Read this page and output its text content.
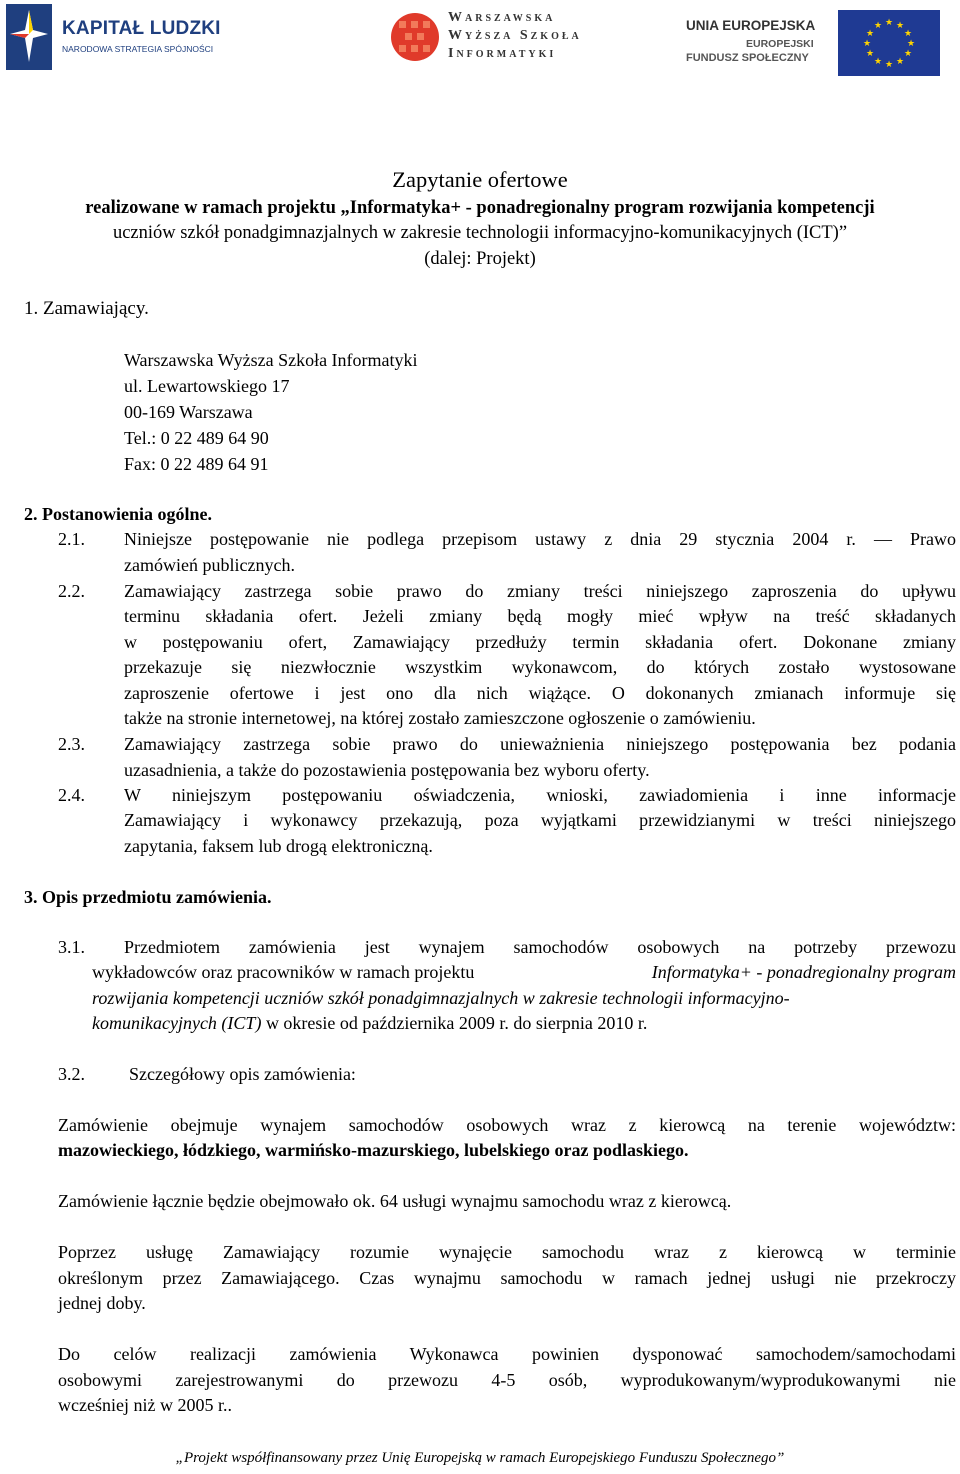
KAPITAŁ LUDZKI
NARODOWA STRATEGIA SPÓJNOŚCI
Warszawska
Wyższa Szkoła
Informatyki
UNIA EUROPEJSKA
EUROPEJSKI
FUNDUSZ SPOŁECZNY
★ ★
★
★
★
★
★
★
★
★
★
★
Zapytanie ofertowe
realizowane w ramach projektu „Informatyka+ - ponadregionalny program rozwijania kompetencji
uczniów szkół ponadgimnazjalnych w zakresie technologii informacyjno-komunikacyjnych (ICT)”
(dalej: Projekt)
1. Zamawiający.
Warszawska Wyższa Szkoła Informatyki
ul. Lewartowskiego 17
00-169 Warszawa
Tel.: 0 22 489 64 90
Fax: 0 22 489 64 91
2. Postanowienia ogólne.
2.1. Niniejsze postępowanie nie podlega przepisom ustawy z dnia 29 stycznia 2004 r. — Prawo
zamówień publicznych.
2.2. Zamawiający zastrzega sobie prawo do zmiany treści niniejszego zaproszenia do upływu
terminu składania ofert. Jeżeli zmiany będą mogły mieć wpływ na treść składanych
w postępowaniu ofert, Zamawiający przedłuży termin składania ofert. Dokonane zmiany
przekazuje się niezwłocznie wszystkim wykonawcom, do których zostało wystosowane
zaproszenie ofertowe i jest ono dla nich wiążące. O dokonanych zmianach informuje się
także na stronie internetowej, na której zostało zamieszczone ogłoszenie o zamówieniu.
2.3. Zamawiający zastrzega sobie prawo do unieważnienia niniejszego postępowania bez podania
uzasadnienia, a także do pozostawienia postępowania bez wyboru oferty.
2.4. W niniejszym postępowaniu oświadczenia, wnioski, zawiadomienia i inne informacje
Zamawiający i wykonawcy przekazują, poza wyjątkami przewidzianymi w treści niniejszego
zapytania, faksem lub drogą elektroniczną.
3. Opis przedmiotu zamówienia.
3.1. Przedmiotem zamówienia jest wynajem samochodów osobowych na potrzeby przewozu
wykładowców oraz pracowników w ramach projektu	Informatyka+ - ponadregionalny program
rozwijania kompetencji uczniów szkół ponadgimnazjalnych w zakresie technologii informacyjno-
komunikacyjnych (ICT) w okresie od października 2009 r. do sierpnia 2010 r.
3.2. Szczegółowy opis zamówienia:
Zamówienie obejmuje wynajem samochodów osobowych wraz z kierowcą na terenie województw:
mazowieckiego, łódzkiego, warmińsko-mazurskiego, lubelskiego oraz podlaskiego.
Zamówienie łącznie będzie obejmowało ok. 64 usługi wynajmu samochodu wraz z kierowcą.
Poprzez usługę Zamawiający rozumie wynajęcie samochodu wraz z kierowcą w terminie
określonym przez Zamawiającego. Czas wynajmu samochodu w ramach jednej usługi nie przekroczy
jednej doby.
Do celów realizacji zamówienia Wykonawca powinien dysponować samochodem/samochodami
osobowymi zarejestrowanymi do przewozu 4-5 osób, wyprodukowanym/wyprodukowanymi nie
wcześniej niż w 2005 r..
„Projekt współfinansowany przez Unię Europejską w ramach Europejskiego Funduszu Społecznego”
